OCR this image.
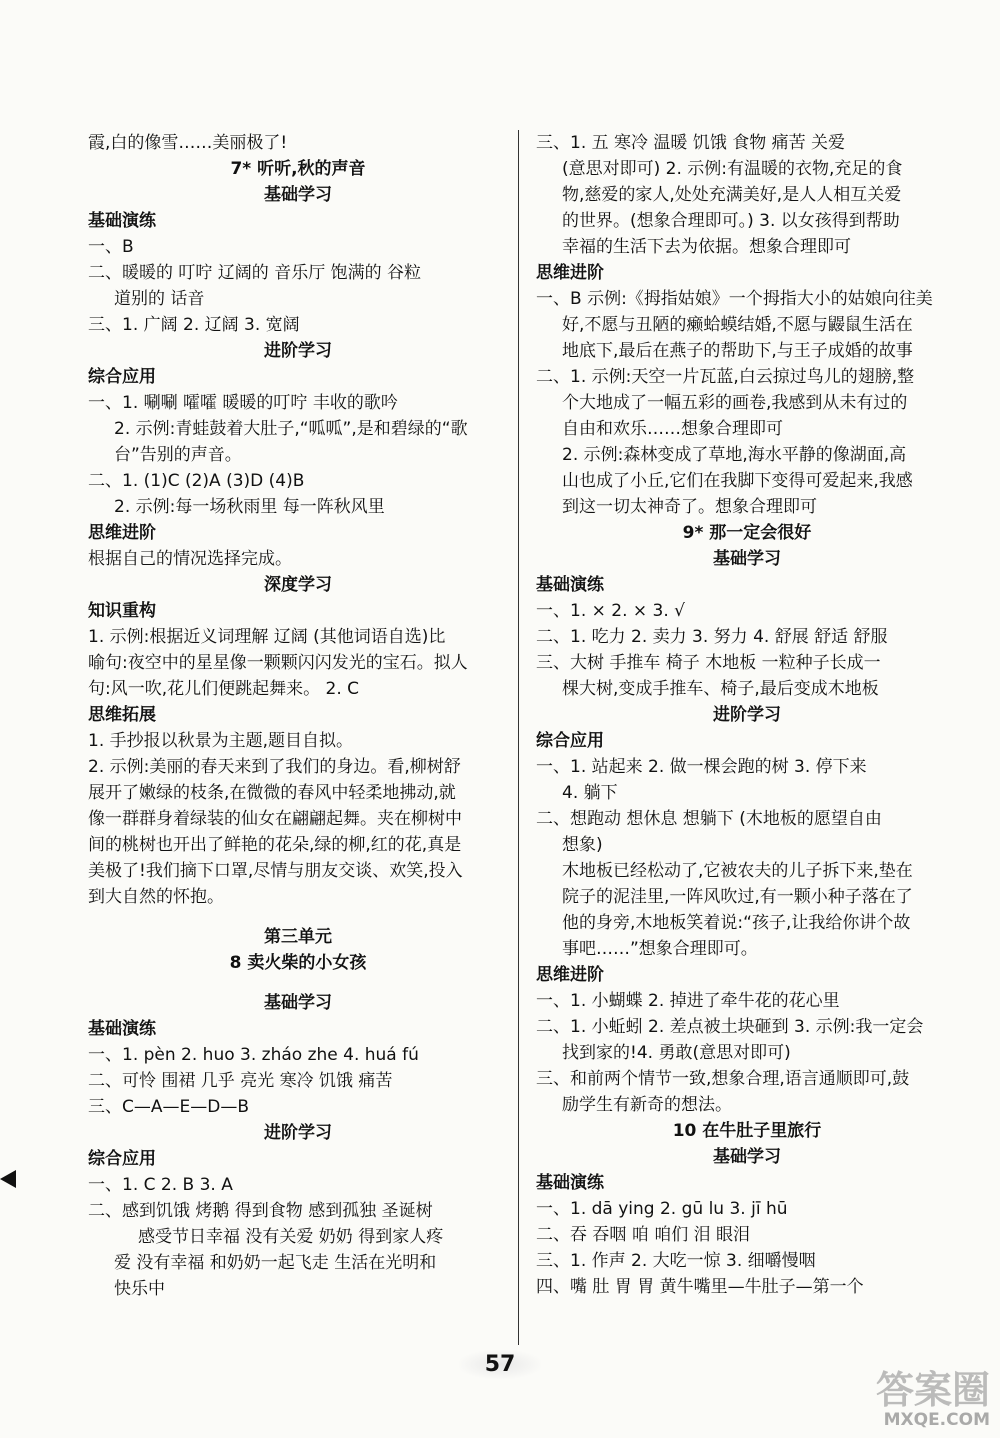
霞,白的像雪……美丽极了!
7* 听听,秋的声音
基础学习
基础演练
一、B
二、暖暖的 叮咛 辽阔的 音乐厅 饱满的 谷粒
道别的 话音
三、1. 广阔 2. 辽阔 3. 宽阔
进阶学习
综合应用
一、1. 唰唰 嚯嚯 暖暖的叮咛 丰收的歌吟
2. 示例:青蛙鼓着大肚子,“呱呱”,是和碧绿的“歌
台”告别的声音。
二、1. (1)C (2)A (3)D (4)B
2. 示例:每一场秋雨里 每一阵秋风里
思维进阶
根据自己的情况选择完成。
深度学习
知识重构
1. 示例:根据近义词理解 辽阔 (其他词语自选)比
喻句:夜空中的星星像一颗颗闪闪发光的宝石。拟人
句:风一吹,花儿们便跳起舞来。 2. C
思维拓展
1. 手抄报以秋景为主题,题目自拟。
2. 示例:美丽的春天来到了我们的身边。看,柳树舒
展开了嫩绿的枝条,在微微的春风中轻柔地拂动,就
像一群群身着绿装的仙女在翩翩起舞。夹在柳树中
间的桃树也开出了鲜艳的花朵,绿的柳,红的花,真是
美极了!我们摘下口罩,尽情与朋友交谈、欢笑,投入
到大自然的怀抱。
第三单元
8 卖火柴的小女孩
基础学习
基础演练
一、1. pèn 2. huo 3. zháo zhe 4. huá fú
二、可怜 围裙 几乎 亮光 寒冷 饥饿 痛苦
三、C—A—E—D—B
进阶学习
综合应用
一、1. C 2. B 3. A
二、感到饥饿 烤鹅 得到食物 感到孤独 圣诞树
感受节日幸福 没有关爱 奶奶 得到家人疼
爱 没有幸福 和奶奶一起飞走 生活在光明和
快乐中
三、1. 五 寒冷 温暖 饥饿 食物 痛苦 关爱
(意思对即可) 2. 示例:有温暖的衣物,充足的食
物,慈爱的家人,处处充满美好,是人人相互关爱
的世界。(想象合理即可。) 3. 以女孩得到帮助
幸福的生活下去为依据。想象合理即可
思维进阶
一、B 示例:《拇指姑娘》一个拇指大小的姑娘向往美
好,不愿与丑陋的癞蛤蟆结婚,不愿与鼹鼠生活在
地底下,最后在燕子的帮助下,与王子成婚的故事
二、1. 示例:天空一片瓦蓝,白云掠过鸟儿的翅膀,整
个大地成了一幅五彩的画卷,我感到从未有过的
自由和欢乐……想象合理即可
2. 示例:森林变成了草地,海水平静的像湖面,高
山也成了小丘,它们在我脚下变得可爱起来,我感
到这一切太神奇了。想象合理即可
9* 那一定会很好
基础学习
基础演练
一、1. × 2. × 3. √
二、1. 吃力 2. 卖力 3. 努力 4. 舒展 舒适 舒服
三、大树 手推车 椅子 木地板 一粒种子长成一
棵大树,变成手推车、椅子,最后变成木地板
进阶学习
综合应用
一、1. 站起来 2. 做一棵会跑的树 3. 停下来
4. 躺下
二、想跑动 想休息 想躺下 (木地板的愿望自由
想象)
木地板已经松动了,它被农夫的儿子拆下来,垫在
院子的泥洼里,一阵风吹过,有一颗小种子落在了
他的身旁,木地板笑着说:“孩子,让我给你讲个故
事吧……”想象合理即可。
思维进阶
一、1. 小蝴蝶 2. 掉进了牵牛花的花心里
二、1. 小蚯蚓 2. 差点被土块砸到 3. 示例:我一定会
找到家的!4. 勇敢(意思对即可)
三、和前两个情节一致,想象合理,语言通顺即可,鼓
励学生有新奇的想法。
10 在牛肚子里旅行
基础学习
基础演练
一、1. dā ying 2. gū lu 3. jī hū
二、吞 吞咽 咱 咱们 泪 眼泪
三、1. 作声 2. 大吃一惊 3. 细嚼慢咽
四、嘴 肚 胃 胃 黄牛嘴里—牛肚子—第一个
57
答案圈
MXQE.COM
